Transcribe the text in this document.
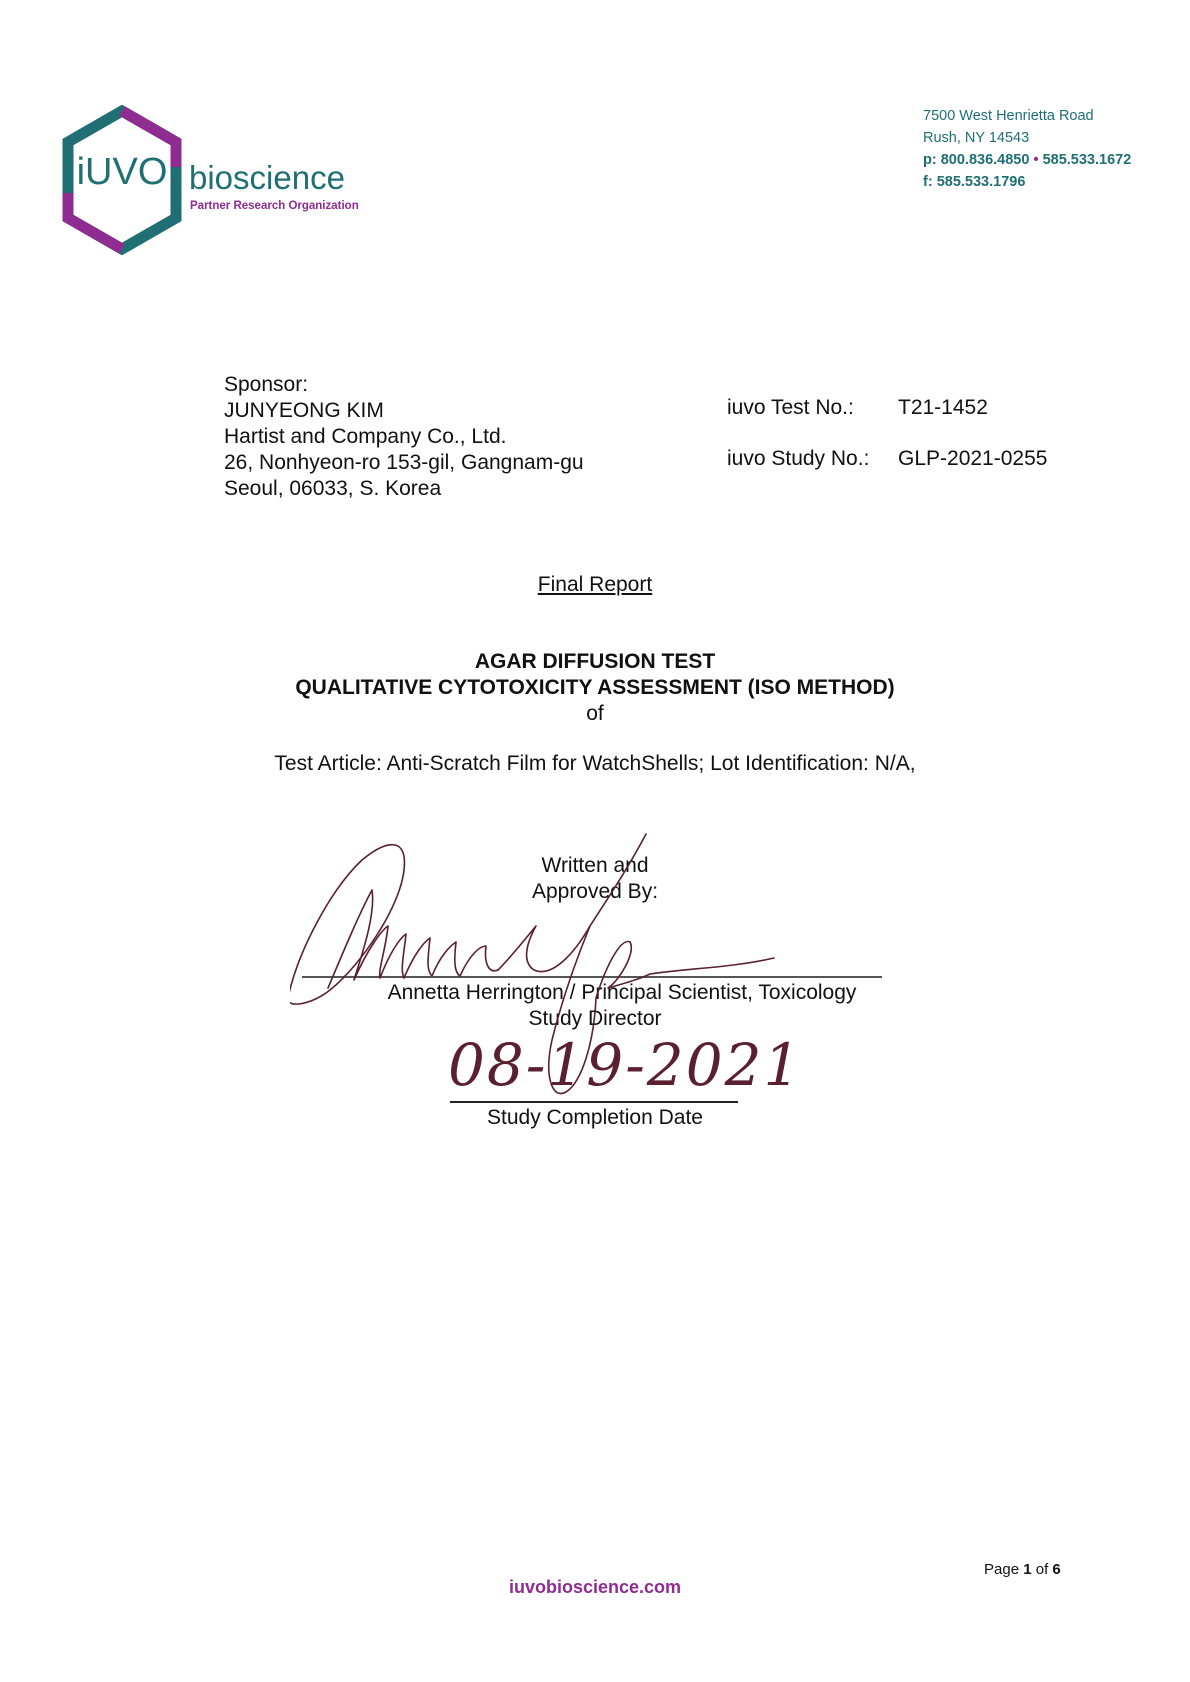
iUVO bioscience
Partner Research Organization
7500 West Henrietta Road
Rush, NY 14543
p: 800.836.4850 • 585.533.1672
f: 585.533.1796
Sponsor:
JUNYEONG KIM
Hartist and Company Co., Ltd.
26, Nonhyeon-ro 153-gil, Gangnam-gu
Seoul, 06033, S. Korea
iuvo Test No.:	T21-1452
iuvo Study No.:	GLP-2021-0255
Final Report
AGAR DIFFUSION TEST
QUALITATIVE CYTOTOXICITY ASSESSMENT (ISO METHOD)
of
Test Article: Anti-Scratch Film for WatchShells; Lot Identification: N/A,
Written and
Approved By:
Annetta Herrington / Principal Scientist, Toxicology
Study Director
08-19-2021
Study Completion Date
iuvobioscience.com
Page 1 of 6
